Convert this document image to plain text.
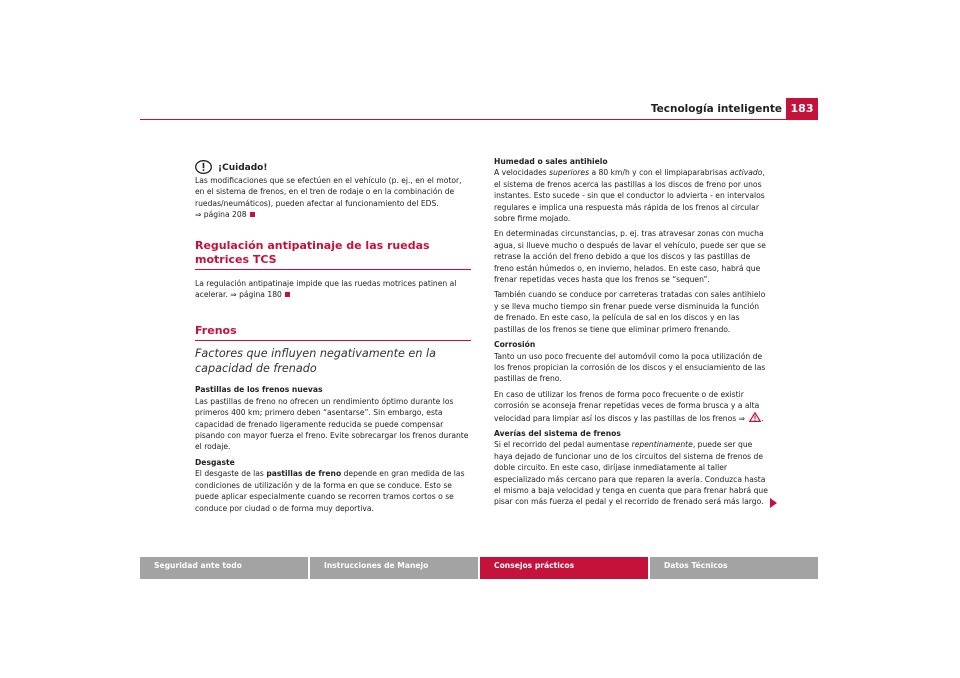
Tecnología inteligente 183
¡Cuidado!

Las modificaciones que se efectúen en el vehículo (p. ej., en el motor, en el sistema de frenos, en el tren de rodaje o en la combinación de ruedas/neumáticos), pueden afectar al funcionamiento del EDS.

⇒ página 208

Regulación antipatinaje de las ruedas motrices TCS

La regulación antipatinaje impide que las ruedas motrices patinen al acelerar. ⇒ página 180

Frenos
Factores que influyen negativamente en la capacidad de frenado
Pastillas de los frenos nuevas

Las pastillas de freno no ofrecen un rendimiento óptimo durante los primeros 400 km; primero deben “asentarse”. Sin embargo, esta capacidad de frenado ligeramente reducida se puede compensar pisando con mayor fuerza el freno. Evite sobrecargar los frenos durante el rodaje.

Desgaste

El desgaste de las pastillas de freno depende en gran medida de las condiciones de utilización y de la forma en que se conduce. Esto se puede aplicar especialmente cuando se recorren tramos cortos o se conduce por ciudad o de forma muy deportiva.

Humedad o sales antihielo

A velocidades superiores a 80 km/h y con el limpiaparabrisas activado, el sistema de frenos acerca las pastillas a los discos de freno por unos instantes. Esto sucede - sin que el conductor lo advierta - en intervalos regulares e implica una respuesta más rápida de los frenos al circular sobre firme mojado.

En determinadas circunstancias, p. ej. tras atravesar zonas con mucha agua, si llueve mucho o después de lavar el vehículo, puede ser que se retrase la acción del freno debido a que los discos y las pastillas de freno están húmedos o, en invierno, helados. En este caso, habrá que frenar repetidas veces hasta que los frenos se “sequen”.

También cuando se conduce por carreteras tratadas con sales antihielo y se lleva mucho tiempo sin frenar puede verse disminuida la función de frenado. En este caso, la película de sal en los discos y en las pastillas de los frenos se tiene que eliminar primero frenando.

Corrosión

Tanto un uso poco frecuente del automóvil como la poca utilización de los frenos propician la corrosión de los discos y el ensuciamiento de las pastillas de freno.

En caso de utilizar los frenos de forma poco frecuente o de existir corrosión se aconseja frenar repetidas veces de forma brusca y a alta velocidad para limpiar así los discos y las pastillas de los frenos ⇒ .

Averías del sistema de frenos

Si el recorrido del pedal aumentase repentinamente, puede ser que haya dejado de funcionar uno de los circuitos del sistema de frenos de doble circuito. En este caso, diríjase inmediatamente al taller especializado más cercano para que reparen la avería. Conduzca hasta el mismo a baja velocidad y tenga en cuenta que para frenar habrá que pisar con más fuerza el pedal y el recorrido de frenado será más largo.

Seguridad ante todo	Instrucciones de Manejo	Consejos prácticos	Datos Técnicos
